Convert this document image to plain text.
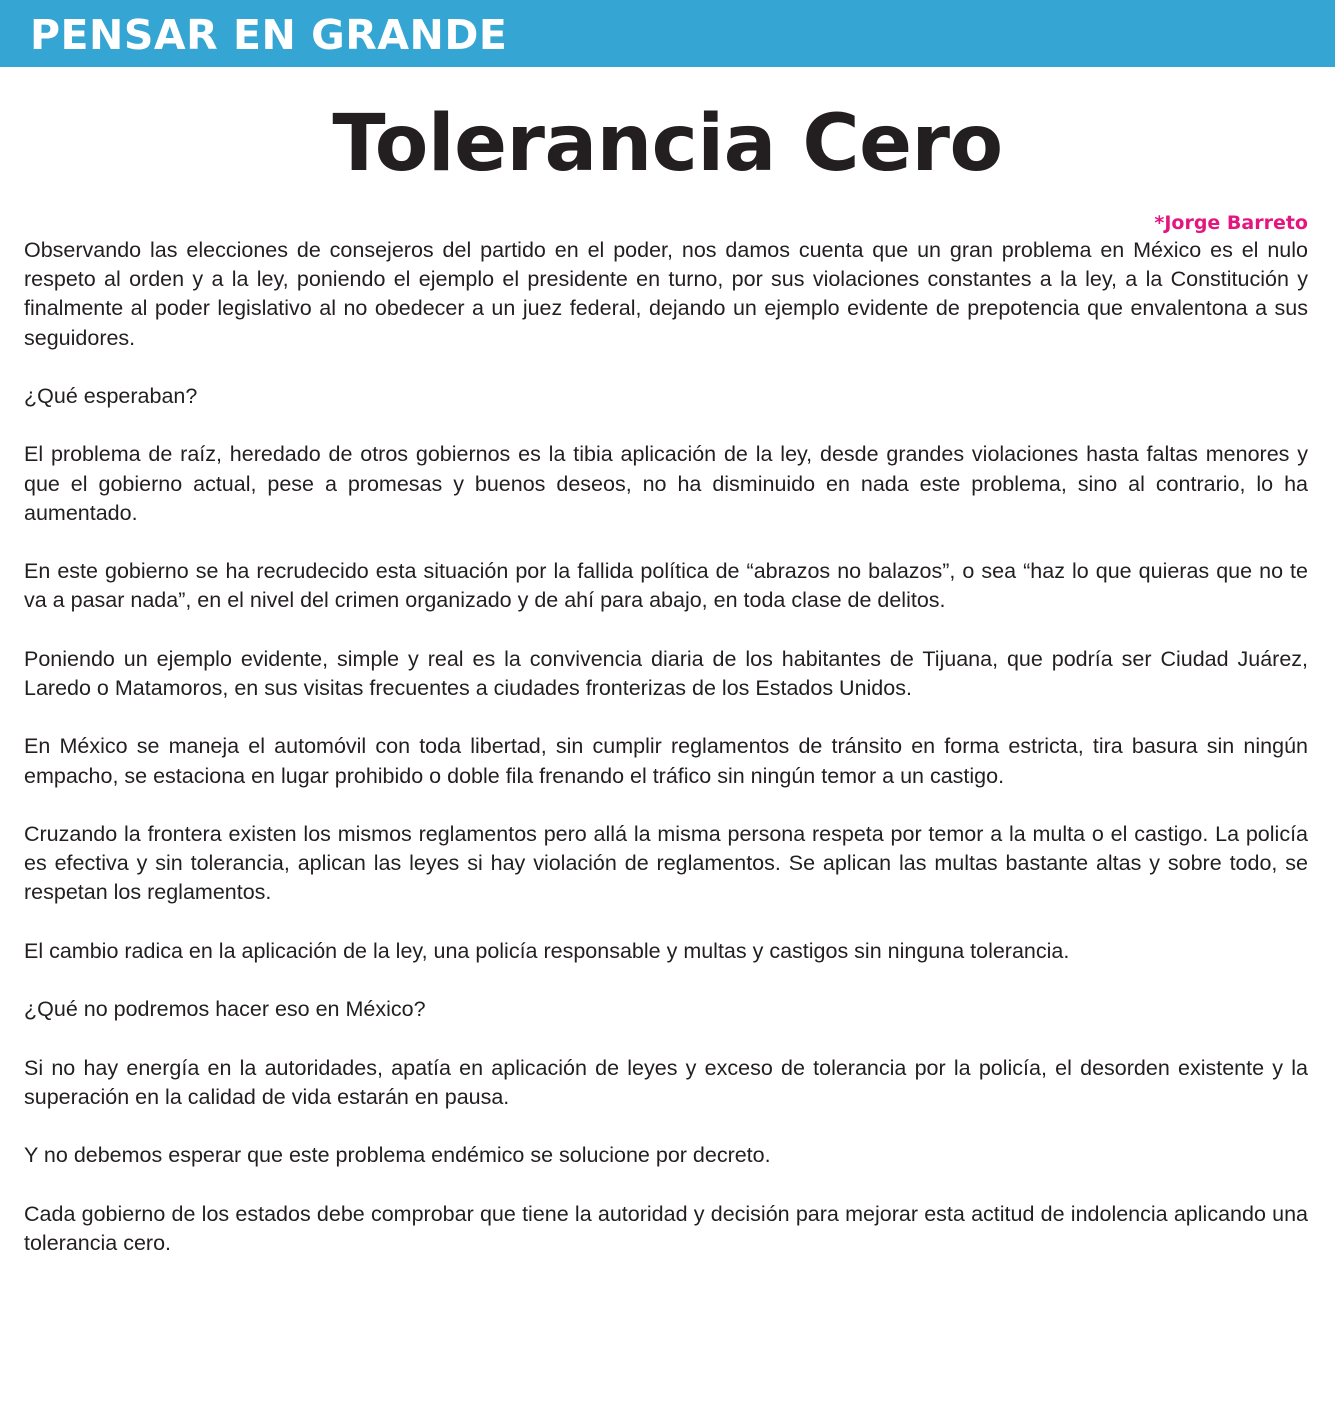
PENSAR EN GRANDE
Tolerancia Cero
*Jorge Barreto

Observando las elecciones de consejeros del partido en el poder, nos damos cuenta que un gran problema en México es el nulo respeto al orden y a la ley, poniendo el ejemplo el presidente en turno, por sus violaciones constantes a la ley, a la Constitución y finalmente al poder legislativo al no obedecer a un juez federal, dejando un ejemplo evidente de prepotencia que envalentona a sus seguidores.

¿Qué esperaban?

El problema de raíz, heredado de otros gobiernos es la tibia aplicación de la ley, desde grandes violaciones hasta faltas menores y que el gobierno actual, pese a promesas y buenos deseos, no ha disminuido en nada este problema, sino al contrario, lo ha aumentado.

En este gobierno se ha recrudecido esta situación por la fallida política de “abrazos no balazos”, o sea “haz lo que quieras que no te va a pasar nada”, en el nivel del crimen organizado y de ahí para abajo, en toda clase de delitos.

Poniendo un ejemplo evidente, simple y real es la convivencia diaria de los habitantes de Tijuana, que podría ser Ciudad Juárez, Laredo o Matamoros, en sus visitas frecuentes a ciudades fronterizas de los Estados Unidos.

En México se maneja el automóvil con toda libertad, sin cumplir reglamentos de tránsito en forma estricta, tira basura sin ningún empacho, se estaciona en lugar prohibido o doble fila frenando el tráfico sin ningún temor a un castigo.

Cruzando la frontera existen los mismos reglamentos pero allá la misma persona respeta por temor a la multa o el castigo. La policía es efectiva y sin tolerancia, aplican las leyes si hay violación de reglamentos. Se aplican las multas bastante altas y sobre todo, se respetan los reglamentos.

El cambio radica en la aplicación de la ley, una policía responsable y multas y castigos sin ninguna tolerancia.

¿Qué no podremos hacer eso en México?

Si no hay energía en la autoridades, apatía en aplicación de leyes y exceso de tolerancia por la policía, el desorden existente y la superación en la calidad de vida estarán en pausa.

Y no debemos esperar que este problema endémico se solucione por decreto.

Cada gobierno de los estados debe comprobar que tiene la autoridad y decisión para mejorar esta actitud de indolencia aplicando una tolerancia cero.
